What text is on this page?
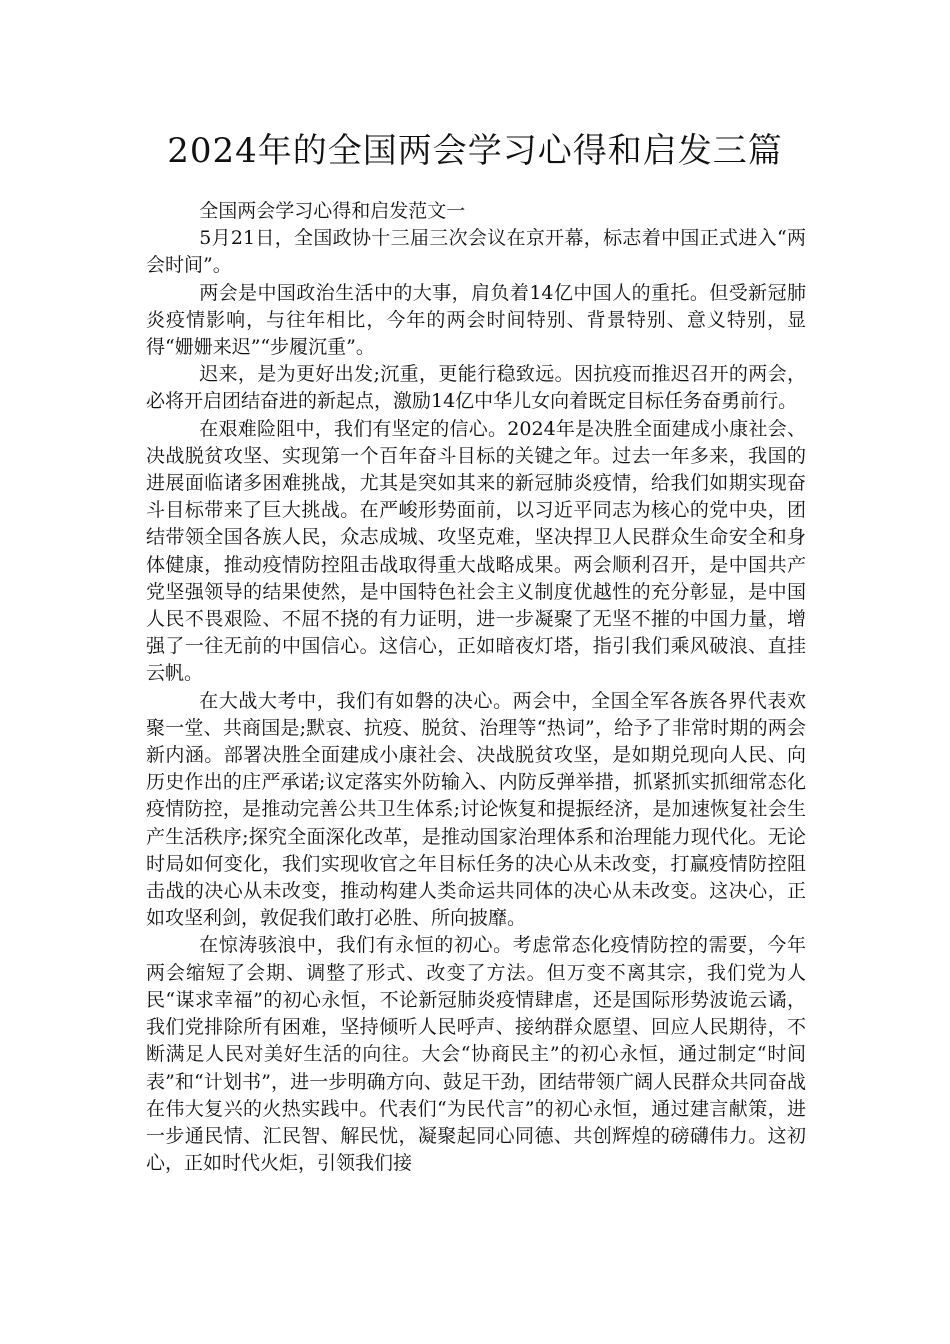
2024年的全国两会学习心得和启发三篇

全国两会学习心得和启发范文一

5月21日，全国政协十三届三次会议在京开幕，标志着中国正式进入“两会时间”。

两会是中国政治生活中的大事，肩负着14亿中国人的重托。但受新冠肺炎疫情影响，与往年相比，今年的两会时间特别、背景特别、意义特别，显得“姗姗来迟”“步履沉重”。

迟来，是为更好出发;沉重，更能行稳致远。因抗疫而推迟召开的两会，必将开启团结奋进的新起点，激励14亿中华儿女向着既定目标任务奋勇前行。

在艰难险阻中，我们有坚定的信心。2024年是决胜全面建成小康社会、决战脱贫攻坚、实现第一个百年奋斗目标的关键之年。过去一年多来，我国的进展面临诸多困难挑战，尤其是突如其来的新冠肺炎疫情，给我们如期实现奋斗目标带来了巨大挑战。在严峻形势面前，以习近平同志为核心的党中央，团结带领全国各族人民，众志成城、攻坚克难，坚决捍卫人民群众生命安全和身体健康，推动疫情防控阻击战取得重大战略成果。两会顺利召开，是中国共产党坚强领导的结果使然，是中国特色社会主义制度优越性的充分彰显，是中国人民不畏艰险、不屈不挠的有力证明，进一步凝聚了无坚不摧的中国力量，增强了一往无前的中国信心。这信心，正如暗夜灯塔，指引我们乘风破浪、直挂云帆。

在大战大考中，我们有如磐的决心。两会中，全国全军各族各界代表欢聚一堂、共商国是;默哀、抗疫、脱贫、治理等“热词”，给予了非常时期的两会新内涵。部署决胜全面建成小康社会、决战脱贫攻坚，是如期兑现向人民、向历史作出的庄严承诺;议定落实外防输入、内防反弹举措，抓紧抓实抓细常态化疫情防控，是推动完善公共卫生体系;讨论恢复和提振经济，是加速恢复社会生产生活秩序;探究全面深化改革，是推动国家治理体系和治理能力现代化。无论时局如何变化，我们实现收官之年目标任务的决心从未改变，打赢疫情防控阻击战的决心从未改变，推动构建人类命运共同体的决心从未改变。这决心，正如攻坚利剑，敦促我们敢打必胜、所向披靡。

在惊涛骇浪中，我们有永恒的初心。考虑常态化疫情防控的需要，今年两会缩短了会期、调整了形式、改变了方法。但万变不离其宗，我们党为人民“谋求幸福”的初心永恒，不论新冠肺炎疫情肆虐，还是国际形势波诡云谲，我们党排除所有困难，坚持倾听人民呼声、接纳群众愿望、回应人民期待，不断满足人民对美好生活的向往。大会“协商民主”的初心永恒，通过制定“时间表”和“计划书”，进一步明确方向、鼓足干劲，团结带领广阔人民群众共同奋战在伟大复兴的火热实践中。代表们“为民代言”的初心永恒，通过建言献策，进一步通民情、汇民智、解民忧，凝聚起同心同德、共创辉煌的磅礴伟力。这初心，正如时代火炬，引领我们接
